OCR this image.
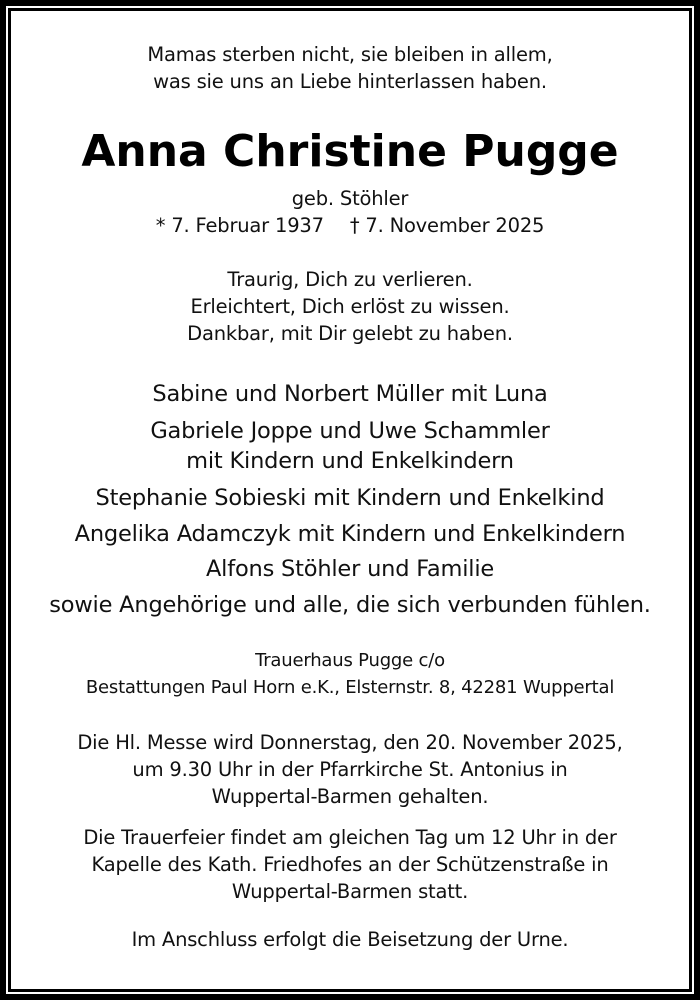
Mamas sterben nicht, sie bleiben in allem,
was sie uns an Liebe hinterlassen haben.
Anna Christine Pugge
geb. Stöhler
* 7. Februar 1937 † 7. November 2025
Traurig, Dich zu verlieren.
Erleichtert, Dich erlöst zu wissen.
Dankbar, mit Dir gelebt zu haben.
Sabine und Norbert Müller mit Luna
Gabriele Joppe und Uwe Schammler
mit Kindern und Enkelkindern
Stephanie Sobieski mit Kindern und Enkelkind
Angelika Adamczyk mit Kindern und Enkelkindern
Alfons Stöhler und Familie
sowie Angehörige und alle, die sich verbunden fühlen.
Trauerhaus Pugge c/o
Bestattungen Paul Horn e.K., Elsternstr. 8, 42281 Wuppertal
Die Hl. Messe wird Donnerstag, den 20. November 2025,
um 9.30 Uhr in der Pfarrkirche St. Antonius in
Wuppertal-Barmen gehalten.
Die Trauerfeier findet am gleichen Tag um 12 Uhr in der
Kapelle des Kath. Friedhofes an der Schützenstraße in
Wuppertal-Barmen statt.
Im Anschluss erfolgt die Beisetzung der Urne.
